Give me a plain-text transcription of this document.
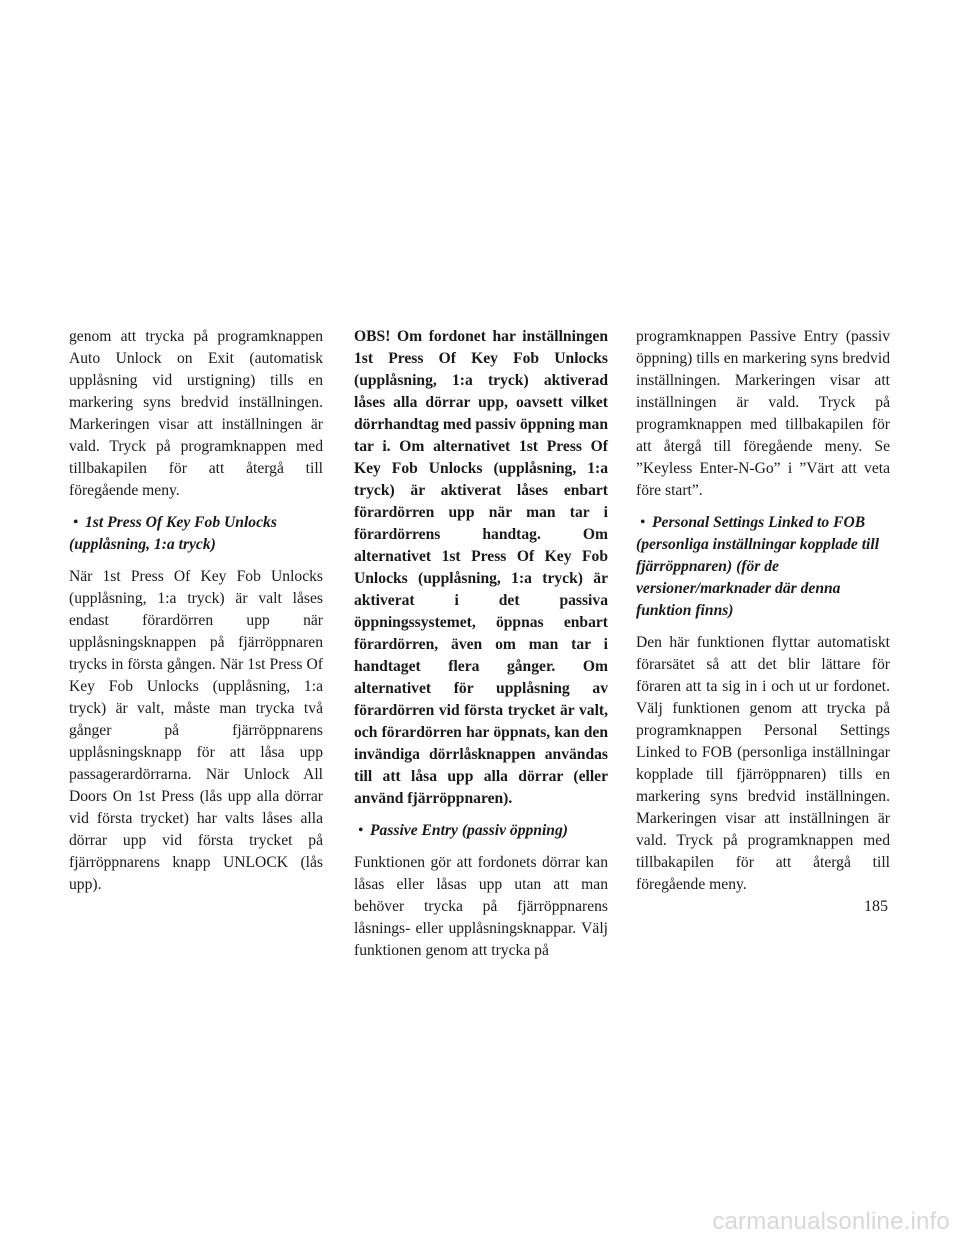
genom att trycka på programknappen Auto Unlock on Exit (automatisk upplåsning vid urstigning) tills en markering syns bredvid inställningen. Markeringen visar att inställningen är vald. Tryck på programknappen med tillbakapilen för att återgå till föregående meny.

• 1st Press Of Key Fob Unlocks (upplåsning, 1:a tryck)

När 1st Press Of Key Fob Unlocks (upplåsning, 1:a tryck) är valt låses endast förardörren upp när upplåsningsknappen på fjärröppnaren trycks in första gången. När 1st Press Of Key Fob Unlocks (upplåsning, 1:a tryck) är valt, måste man trycka två gånger på fjärröppnarens upplåsningsknapp för att låsa upp passagerardörrarna. När Unlock All Doors On 1st Press (lås upp alla dörrar vid första trycket) har valts låses alla dörrar upp vid första trycket på fjärröppnarens knapp UNLOCK (lås upp).

OBS! Om fordonet har inställningen 1st Press Of Key Fob Unlocks (upplåsning, 1:a tryck) aktiverad låses alla dörrar upp, oavsett vilket dörrhandtag med passiv öppning man tar i. Om alternativet 1st Press Of Key Fob Unlocks (upplåsning, 1:a tryck) är aktiverat låses enbart förardörren upp när man tar i förardörrens handtag. Om alternativet 1st Press Of Key Fob Unlocks (upplåsning, 1:a tryck) är aktiverat i det passiva öppningssystemet, öppnas enbart förardörren, även om man tar i handtaget flera gånger. Om alternativet för upplåsning av förardörren vid första trycket är valt, och förardörren har öppnats, kan den invändiga dörrlåsknappen användas till att låsa upp alla dörrar (eller använd fjärröppnaren).

• Passive Entry (passiv öppning)

Funktionen gör att fordonets dörrar kan låsas eller låsas upp utan att man behöver trycka på fjärröppnarens låsnings- eller upplåsningsknappar. Välj funktionen genom att trycka på

programknappen Passive Entry (passiv öppning) tills en markering syns bredvid inställningen. Markeringen visar att inställningen är vald. Tryck på programknappen med tillbakapilen för att återgå till föregående meny. Se ”Keyless Enter-N-Go” i ”Värt att veta före start”.

• Personal Settings Linked to FOB (personliga inställningar kopplade till fjärröppnaren) (för de versioner/marknader där denna funktion finns)

Den här funktionen flyttar automatiskt förarsätet så att det blir lättare för föraren att ta sig in i och ut ur fordonet. Välj funktionen genom att trycka på programknappen Personal Settings Linked to FOB (personliga inställningar kopplade till fjärröppnaren) tills en markering syns bredvid inställningen. Markeringen visar att inställningen är vald. Tryck på programknappen med tillbakapilen för att återgå till föregående meny.

185
carmanualsonline.info
